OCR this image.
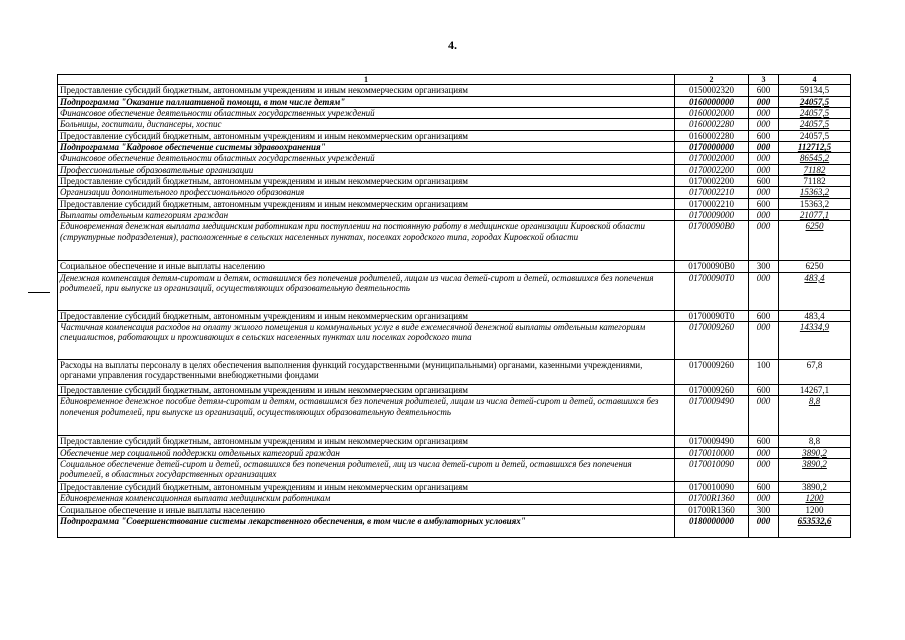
4.
1	2	3	4
Предоставление субсидий бюджетным, автономным учреждениям и иным некоммерческим организациям	0150002320	600	59134,5
Подпрограмма "Оказание паллиативной помощи, в том числе детям"	0160000000	000	24057,5
Финансовое обеспечение деятельности областных государственных учреждений	0160002000	000	24057,5
Больницы, госпитали, диспансеры, хоспис	0160002280	000	24057,5
Предоставление субсидий бюджетным, автономным учреждениям и иным некоммерческим организациям	0160002280	600	24057,5
Подпрограмма "Кадровое обеспечение системы здравоохранения"	0170000000	000	112712,5
Финансовое обеспечение деятельности областных государственных учреждений	0170002000	000	86545,2
Профессиональные образовательные организации	0170002200	000	71182
Предоставление субсидий бюджетным, автономным учреждениям и иным некоммерческим организациям	0170002200	600	71182
Организации дополнительного профессионального образования	0170002210	000	15363,2
Предоставление субсидий бюджетным, автономным учреждениям и иным некоммерческим организациям	0170002210	600	15363,2
Выплаты отдельным категориям граждан	0170009000	000	21077,1
Единовременная денежная выплата медицинским работникам при поступлении на постоянную работу в медицинские организации Кировской области (структурные подразделения), расположенные в сельских населенных пунктах, поселках городского типа, городах Кировской области	01700090В0	000	6250
Социальное обеспечение и иные выплаты населению	01700090В0	300	6250
Денежная компенсация детям-сиротам и детям, оставшимся без попечения родителей, лицам из числа детей-сирот и детей, оставшихся без попечения родителей, при выпуске из организаций, осуществляющих образовательную деятельность	01700090Т0	000	483,4
Предоставление субсидий бюджетным, автономным учреждениям и иным некоммерческим организациям	01700090Т0	600	483,4
Частичная компенсация расходов на оплату жилого помещения и коммунальных услуг в виде ежемесячной денежной выплаты отдельным категориям специалистов, работающих и проживающих в сельских населенных пунктах или поселках городского типа	0170009260	000	14334,9
Расходы на выплаты персоналу в целях обеспечения выполнения функций государственными (муниципальными) органами, казенными учреждениями, органами управления государственными внебюджетными фондами	0170009260	100	67,8
Предоставление субсидий бюджетным, автономным учреждениям и иным некоммерческим организациям	0170009260	600	14267,1
Единовременное денежное пособие детям-сиротам и детям, оставшимся без попечения родителей, лицам из числа детей-сирот и детей, оставшихся без попечения родителей, при выпуске из организаций, осуществляющих образовательную деятельность	0170009490	000	8,8
Предоставление субсидий бюджетным, автономным учреждениям и иным некоммерческим организациям	0170009490	600	8,8
Обеспечение мер социальной поддержки отдельных категорий граждан	0170010000	000	3890,2
Социальное обеспечение детей-сирот и детей, оставшихся без попечения родителей, лиц из числа детей-сирот и детей, оставшихся без попечения родителей, в областных государственных организациях	0170010090	000	3890,2
Предоставление субсидий бюджетным, автономным учреждениям и иным некоммерческим организациям	0170010090	600	3890,2
Единовременная компенсационная выплата медицинским работникам	01700R1360	000	1200
Социальное обеспечение и иные выплаты населению	01700R1360	300	1200
Подпрограмма "Совершенствование системы лекарственного обеспечения, в том числе в амбулаторных условиях"	0180000000	000	653532,6
